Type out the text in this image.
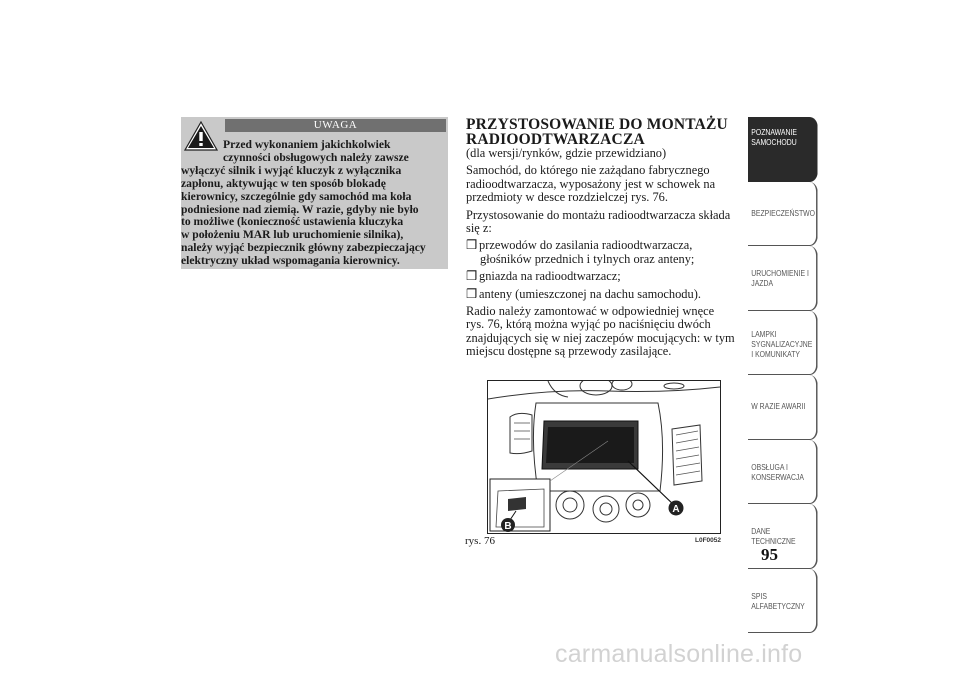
UWAGA
Przed wykonaniem jakichkolwiek
czynności obsługowych należy zawsze
wyłączyć silnik i wyjąć kluczyk z wyłącznika
zapłonu, aktywując w ten sposób blokadę
kierownicy, szczególnie gdy samochód ma koła
podniesione nad ziemią. W razie, gdyby nie było
to możliwe (konieczność ustawienia kluczyka
w położeniu MAR lub uruchomienie silnika),
należy wyjąć bezpiecznik główny zabezpieczający
elektryczny układ wspomagania kierownicy.
PRZYSTOSOWANIE DO MONTAŻU
RADIOODTWARZACZA

(dla wersji/rynków, gdzie przewidziano)

Samochód, do którego nie zażądano fabrycznego
radioodtwarzacza, wyposażony jest w schowek na
przedmioty w desce rozdzielczej rys. 76.

Przystosowanie do montażu radioodtwarzacza składa
się z:

❒ przewodów do zasilania radioodtwarzacza,
głośników przednich i tylnych oraz anteny;
❒ gniazda na radioodtwarzacz;
❒ anteny (umieszczonej na dachu samochodu).

Radio należy zamontować w odpowiedniej wnęce
rys. 76, którą można wyjąć po naciśnięciu dwóch
znajdujących się w niej zaczepów mocujących: w tym
miejscu dostępne są przewody zasilające.

A
B
rys. 76	L0F0052
POZNAWANIE
SAMOCHODU
BEZPIECZEŃSTWO
URUCHOMIENIE I
JAZDA
LAMPKI
SYGNALIZACYJNE
I KOMUNIKATY
W RAZIE AWARII
OBSŁUGA I
KONSERWACJA
DANE
TECHNICZNE
SPIS
ALFABETYCZNY
95
carmanualsonline.info
